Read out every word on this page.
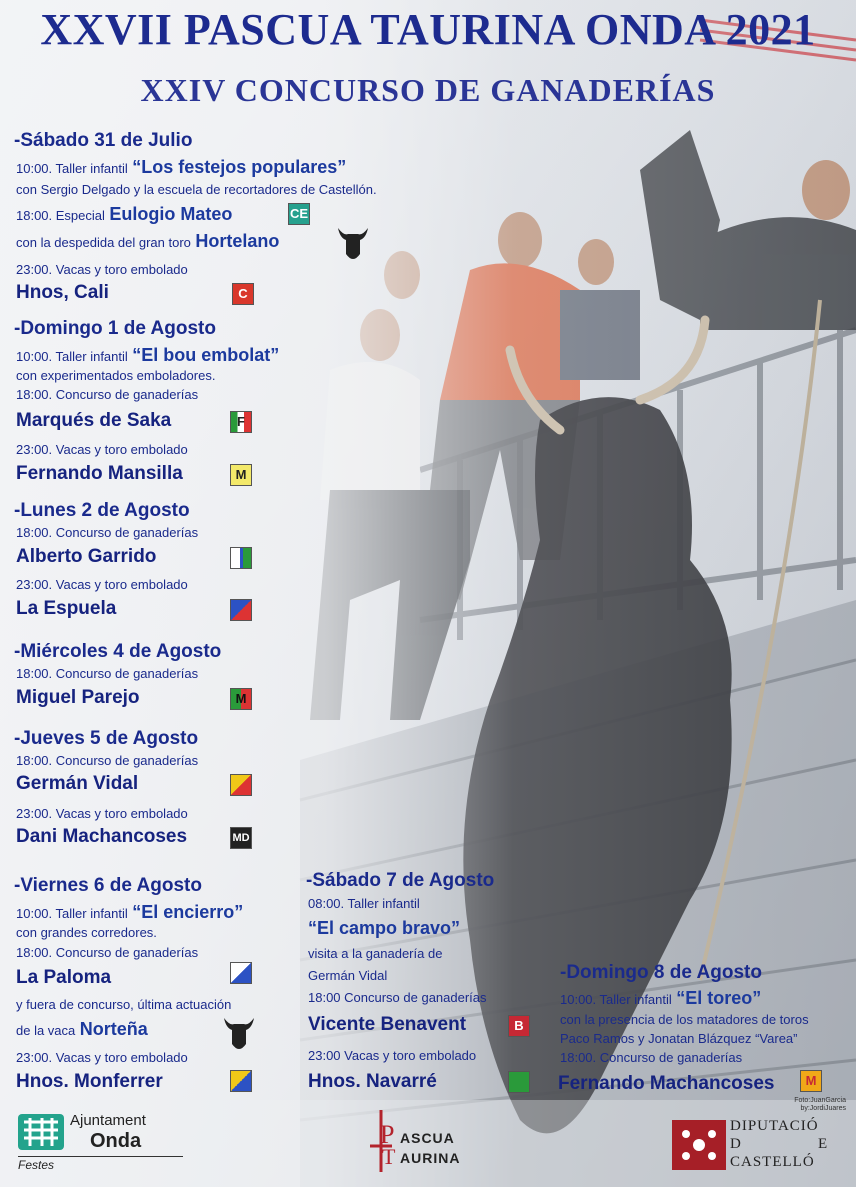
XXVII PASCUA TAURINA ONDA 2021
XXIV CONCURSO DE GANADERÍAS
-Sábado 31 de Julio
10:00. Taller infantil “Los festejos populares”
con Sergio Delgado y la escuela de recortadores de Castellón.
18:00. Especial Eulogio Mateo	CE
con la despedida del gran toro Hortelano
23:00. Vacas y toro embolado
Hnos, Cali	C
-Domingo 1 de Agosto
10:00. Taller infantil “El bou embolat”
con experimentados emboladores.
18:00. Concurso de ganaderías
Marqués de Saka	F
23:00. Vacas y toro embolado
Fernando Mansilla	M
-Lunes 2 de Agosto
18:00. Concurso de ganaderías
Alberto Garrido
23:00. Vacas y toro embolado
La Espuela
-Miércoles 4 de Agosto
18:00. Concurso de ganaderías
Miguel Parejo	M
-Jueves 5 de Agosto
18:00. Concurso de ganaderías
Germán Vidal
23:00. Vacas y toro embolado
Dani Machancoses	MD
-Viernes 6 de Agosto
10:00. Taller infantil “El encierro”
con grandes corredores.
18:00. Concurso de ganaderías
La Paloma
y fuera de concurso, última actuación
de la vaca Norteña
23:00. Vacas y toro embolado
Hnos. Monferrer
-Sábado 7 de Agosto
08:00. Taller infantil
“El campo bravo”
visita a la ganadería de
Germán Vidal
18:00 Concurso de ganaderías
Vicente Benavent	B
23:00 Vacas y toro embolado
Hnos. Navarré
-Domingo 8 de Agosto
10:00. Taller infantil “El toreo”
con la presencia de los matadores de toros
Paco Ramos y Jonatan Blázquez “Varea”
18:00. Concurso de ganaderías
Fernando Machancoses	M
Ajuntament
Onda
Festes
P ASCUA
T AURINA
Foto:JuanGarcia
by:JordiJuares
DIPUTACIÓ
D	E
CASTELLÓ
